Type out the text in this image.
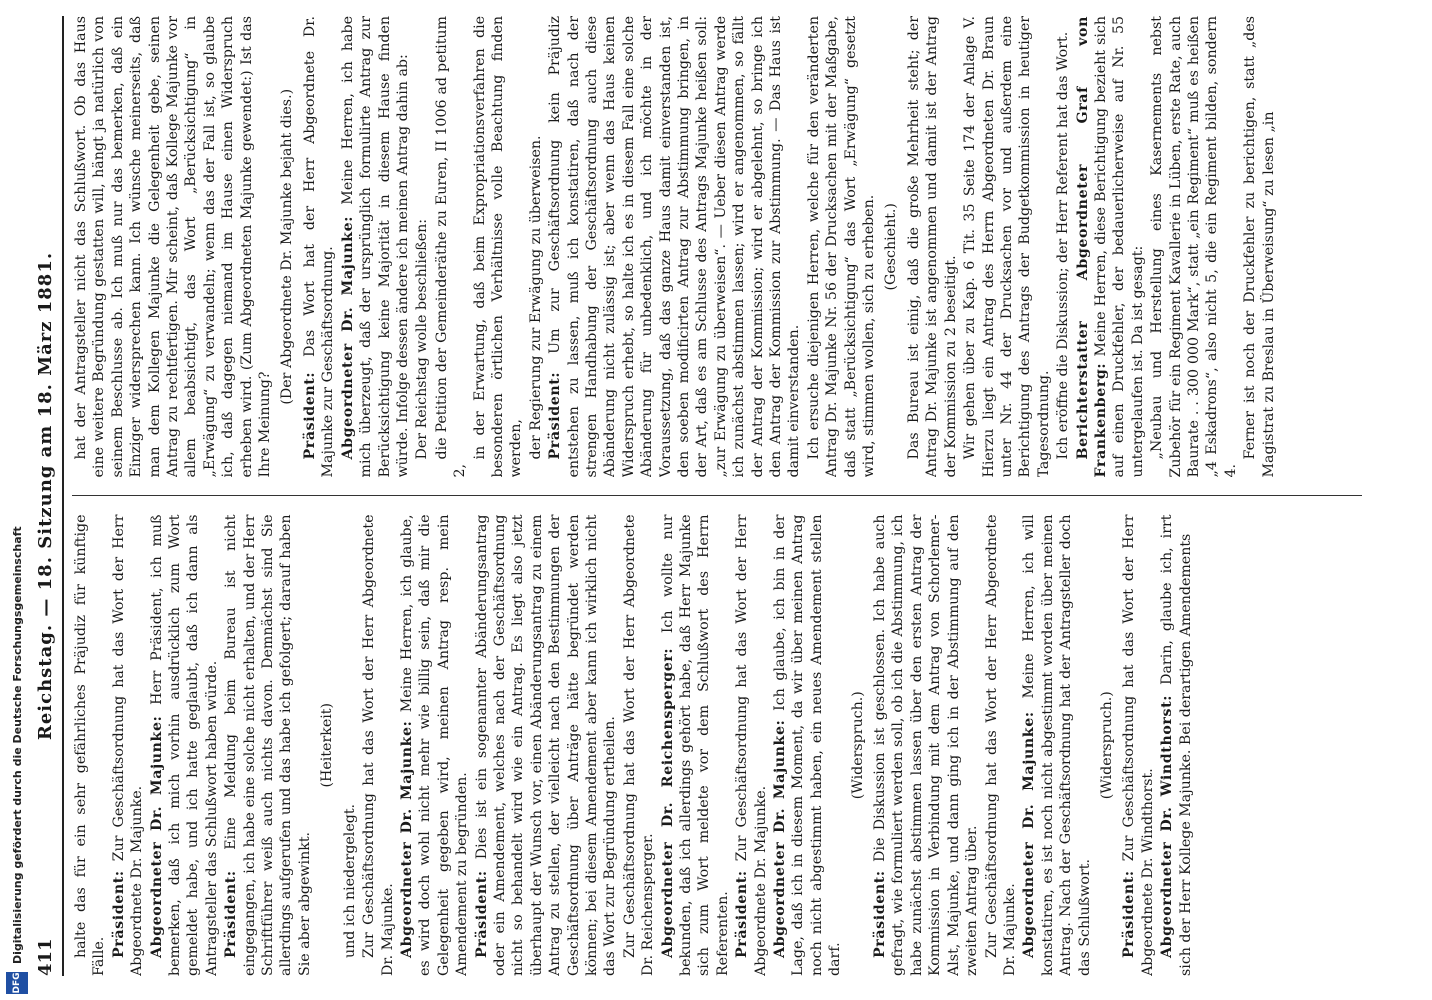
411
Reichstag. — 18. Sitzung am 18. März 1881. halte das für ein sehr gefährliches Präjudiz für künftige Fälle. Präsident: Zur Geschäftsordnung hat das Wort der Herr Abgeordnete Dr. Majunke. Abgeordneter Dr. Majunke: Herr Präsident, ich muß bemerken, daß ich mich vorhin ausdrücklich zum Wort gemeldet habe, und ich hatte geglaubt, daß ich dann als Antragsteller das Schlußwort haben würde. Präsident: Eine Meldung beim Bureau ist nicht eingegangen, ich habe eine solche nicht erhalten, und der Herr Schriftführer weiß auch nichts davon. Demnächst sind Sie allerdings aufgerufen und das habe ich gefolgert; darauf haben Sie aber abgewinkt.

(Heiterkeit)

und ich niedergelegt. Zur Geschäftsordnung hat das Wort der Herr Abgeordnete Dr. Majunke. Abgeordneter Dr. Majunke: Meine Herren, ich glaube, es wird doch wohl nicht mehr wie billig sein, daß mir die Gelegenheit gegeben wird, meinen Antrag resp. mein Amendement zu begründen. Präsident: Dies ist ein sogenannter Abänderungsantrag oder ein Amendement, welches nach der Geschäftsordnung nicht so behandelt wird wie ein Antrag. Es liegt also jetzt überhaupt der Wunsch vor, einen Abänderungsantrag zu einem Antrag zu stellen, der vielleicht nach den Bestimmungen der Geschäftsordnung über Anträge hätte begründet werden können; bei diesem Amendement aber kann ich wirklich nicht das Wort zur Begründung ertheilen. Zur Geschäftsordnung hat das Wort der Herr Abgeordnete Dr. Reichensperger. Abgeordneter Dr. Reichensperger: Ich wollte nur bekunden, daß ich allerdings gehört habe, daß Herr Majunke sich zum Wort meldete vor dem Schlußwort des Herrn Referenten. Präsident: Zur Geschäftsordnung hat das Wort der Herr Abgeordnete Dr. Majunke. Abgeordneter Dr. Majunke: Ich glaube, ich bin in der Lage, daß ich in diesem Moment, da wir über meinen Antrag noch nicht abgestimmt haben, ein neues Amendement stellen darf.

(Widerspruch.)

Präsident: Die Diskussion ist geschlossen. Ich habe auch gefragt, wie formuliert werden soll, ob ich die Abstimmung, ich habe zunächst abstimmen lassen über den ersten Antrag der Kommission in Verbindung mit dem Antrag von Schorlemer-Alst, Majunke, und dann ging ich in der Abstimmung auf den zweiten Antrag über. Zur Geschäftsordnung hat das Wort der Herr Abgeordnete Dr. Majunke. Abgeordneter Dr. Majunke: Meine Herren, ich will konstatiren, es ist noch nicht abgestimmt worden über meinen Antrag. Nach der Geschäftsordnung hat der Antragsteller doch das Schlußwort.

(Widerspruch.)

Präsident: Zur Geschäftsordnung hat das Wort der Herr Abgeordnete Dr. Windthorst. Abgeordneter Dr. Windthorst: Darin, glaube ich, irrt sich der Herr Kollege Majunke. Bei derartigen Amendements

hat der Antragsteller nicht das Schlußwort. Ob das Haus eine weitere Begründung gestatten will, hängt ja natürlich von seinem Beschlusse ab. Ich muß nur das bemerken, daß ein Einziger widersprechen kann. Ich wünsche meinerseits, daß man dem Kollegen Majunke die Gelegenheit gebe, seinen Antrag zu rechtfertigen. Mir scheint, daß Kollege Majunke vor allem beabsichtigt, das Wort „Berücksichtigung“ in „Erwägung“ zu verwandeln; wenn das der Fall ist, so glaube ich, daß dagegen niemand im Hause einen Widerspruch erheben wird. (Zum Abgeordneten Majunke gewendet:) Ist das Ihre Meinung?

(Der Abgeordnete Dr. Majunke bejaht dies.)

Präsident: Das Wort hat der Herr Abgeordnete Dr. Majunke zur Geschäftsordnung. Abgeordneter Dr. Majunke: Meine Herren, ich habe mich überzeugt, daß der ursprünglich formulirte Antrag zur Berücksichtigung keine Majorität in diesem Hause finden würde. Infolge dessen ändere ich meinen Antrag dahin ab: Der Reichstag wolle beschließen: die Petition der Gemeinderäthe zu Euren, II 1006 ad petitum 2,

in der Erwartung, daß beim Expropriationsverfahren die besonderen örtlichen Verhältnisse volle Beachtung finden werden, der Regierung zur Erwägung zu überweisen. Präsident: Um zur Geschäftsordnung kein Präjudiz entstehen zu lassen, muß ich konstatiren, daß nach der strengen Handhabung der Geschäftsordnung auch diese Abänderung nicht zulässig ist; aber wenn das Haus keinen Widerspruch erhebt, so halte ich es in diesem Fall eine solche Abänderung für unbedenklich, und ich möchte in der Voraussetzung, daß das ganze Haus damit einverstanden ist, den soeben modificirten Antrag zur Abstimmung bringen, in der Art, daß es am Schlusse des Antrags Majunke heißen soll: „zur Erwägung zu überweisen“. — Ueber diesen Antrag werde ich zunächst abstimmen lassen; wird er angenommen, so fällt der Antrag der Kommission; wird er abgelehnt, so bringe ich den Antrag der Kommission zur Abstimmung. — Das Haus ist damit einverstanden. Ich ersuche diejenigen Herren, welche für den veränderten Antrag Dr. Majunke Nr. 56 der Drucksachen mit der Maßgabe, daß statt „Berücksichtigung“ das Wort „Erwägung“ gesetzt wird, stimmen wollen, sich zu erheben. (Geschieht.) Das Bureau ist einig, daß die große Mehrheit steht; der Antrag Dr. Majunke ist angenommen und damit ist der Antrag der Kommission zu 2 beseitigt. Wir gehen über zu Kap. 6 Tit. 35 Seite 174 der Anlage V. Hierzu liegt ein Antrag des Herrn Abgeordneten Dr. Braun unter Nr. 44 der Drucksachen vor und außerdem eine Berichtigung des Antrags der Budgetkommission in heutiger Tagesordnung. Ich eröffne die Diskussion; der Herr Referent hat das Wort. Berichterstatter Abgeordneter Graf von Frankenberg: Meine Herren, diese Berichtigung bezieht sich auf einen Druckfehler, der bedauerlicherweise auf Nr. 55 untergelaufen ist. Da ist gesagt: „Neubau und Herstellung eines Kasernements nebst Zubehör für ein Regiment Kavallerie in Lüben, erste Rate, auch Baurate . . 300 000 Mark“, statt „ein Regiment“ muß es heißen „4 Eskadrons“, also nicht 5, die ein Regiment bilden, sondern 4.

Ferner ist noch der Druckfehler zu berichtigen, statt „des Magistrat zu Breslau in Überweisung“ zu lesen „in

DFG
Digitalisierung gefördert durch die Deutsche Forschungsgemeinschaft
